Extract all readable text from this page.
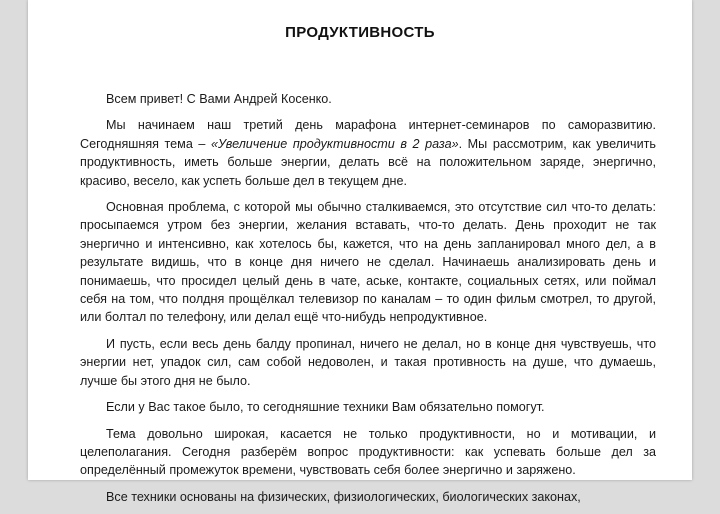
ПРОДУКТИВНОСТЬ

Всем привет! С Вами Андрей Косенко.

Мы начинаем наш третий день марафона интернет-семинаров по саморазвитию. Сегодняшняя тема – «Увеличение продуктивности в 2 раза». Мы рассмотрим, как увеличить продуктивность, иметь больше энергии, делать всё на положительном заряде, энергично, красиво, весело, как успеть больше дел в текущем дне.

Основная проблема, с которой мы обычно сталкиваемся, это отсутствие сил что-то делать: просыпаемся утром без энергии, желания вставать, что-то делать. День проходит не так энергично и интенсивно, как хотелось бы, кажется, что на день запланировал много дел, а в результате видишь, что в конце дня ничего не сделал. Начинаешь анализировать день и понимаешь, что просидел целый день в чате, аське, контакте, социальных сетях, или поймал себя на том, что полдня прощёлкал телевизор по каналам – то один фильм смотрел, то другой, или болтал по телефону, или делал ещё что-нибудь непродуктивное.

И пусть, если весь день балду пропинал, ничего не делал, но в конце дня чувствуешь, что энергии нет, упадок сил, сам собой недоволен, и такая противность на душе, что думаешь, лучше бы этого дня не было.

Если у Вас такое было, то сегодняшние техники Вам обязательно помогут.

Тема довольно широкая, касается не только продуктивности, но и мотивации, и целеполагания. Сегодня разберём вопрос продуктивности: как успевать больше дел за определённый промежуток времени, чувствовать себя более энергично и заряжено.

Все техники основаны на физических, физиологических, биологических законах,
